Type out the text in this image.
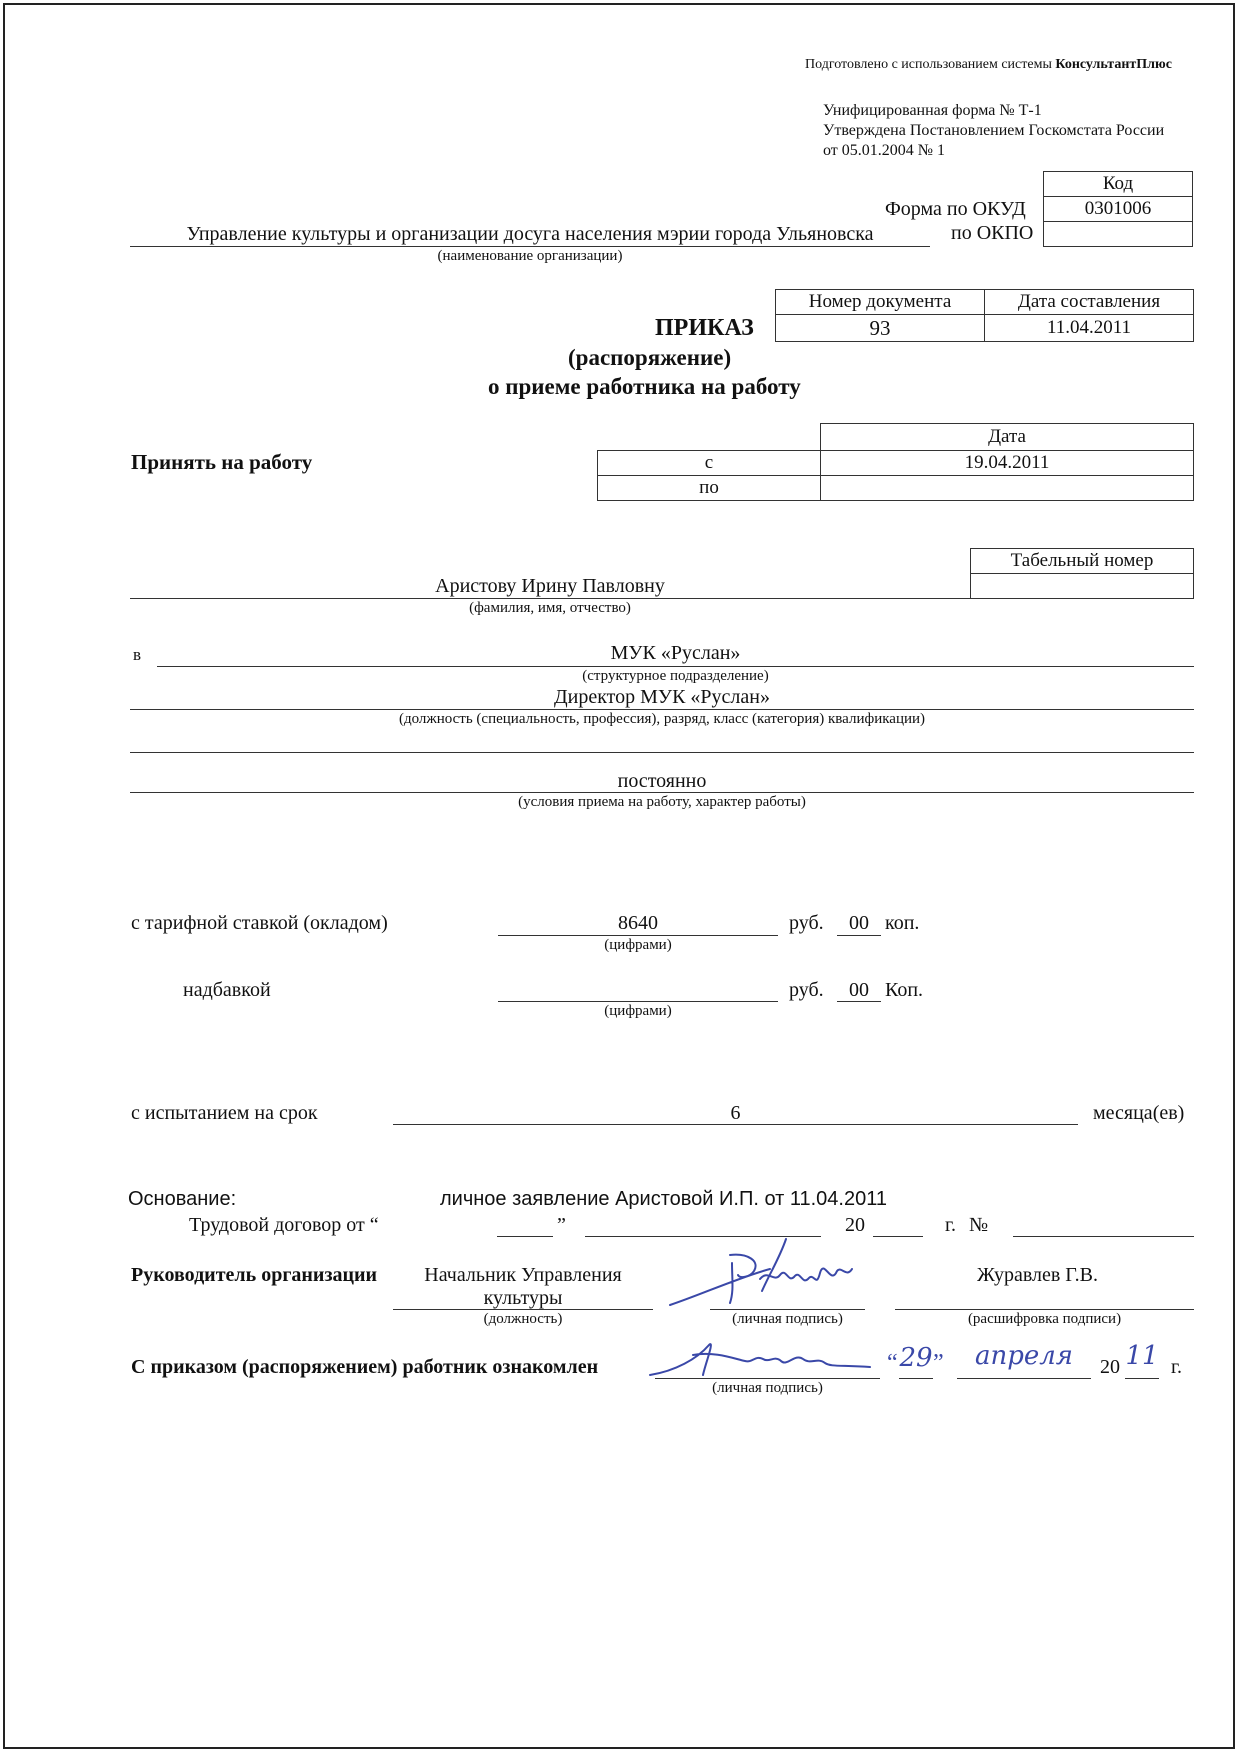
Подготовлено с использованием системы КонсультантПлюс
Унифицированная форма № Т-1
Утверждена Постановлением Госкомстата России
от 05.01.2004 № 1
Код
0301006
Форма по ОКУД
по ОКПО
Управление культуры и организации досуга населения мэрии города Ульяновска
(наименование организации)
Номер документа	Дата составления
93	11.04.2011
ПРИКАЗ
(распоряжение)
о приеме работника на работу
Принять на работу
Дата
с	19.04.2011
по
Табельный номер
Аристову Ирину Павловну
(фамилия, имя, отчество)
в	МУК «Руслан»
(структурное подразделение)
Директор МУК «Руслан»
(должность (специальность, профессия), разряд, класс (категория) квалификации)
постоянно
(условия приема на работу, характер работы)
с тарифной ставкой (окладом)	8640
(цифрами)
руб.	00 коп.
надбавкой
(цифрами)
руб.	00 Коп.
с испытанием на срок	6	месяца(ев)
Основание:	личное заявление Аристовой И.П. от 11.04.2011
Трудовой договор от “	”	20	г. №
Руководитель организации	Начальник Управления культуры
(должность)	(личная подпись)
Журавлев Г.В.
(расшифровка подписи)
С приказом (распоряжением) работник ознакомлен
(личная подпись)
“ 29 ”	апреля	20 11 г.
